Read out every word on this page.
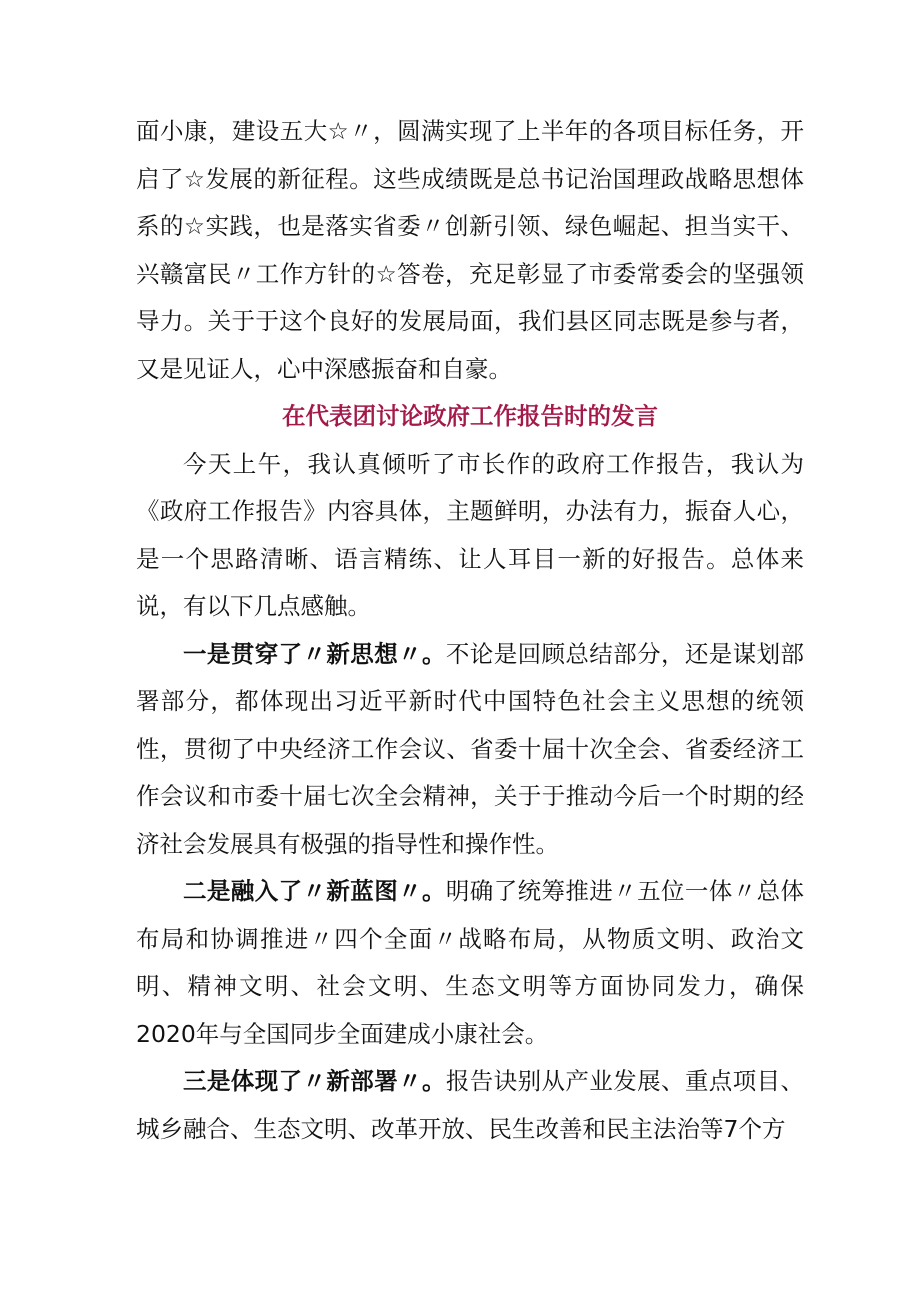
面小康，建设五大☆〃，圆满实现了上半年的各项目标任务，开启了☆发展的新征程。这些成绩既是总书记治国理政战略思想体系的☆实践，也是落实省委〃创新引领、绿色崛起、担当实干、兴赣富民〃工作方针的☆答卷，充足彰显了市委常委会的坚强领导力。关于于这个良好的发展局面，我们县区同志既是参与者，又是见证人，心中深感振奋和自豪。

在代表团讨论政府工作报告时的发言

今天上午，我认真倾听了市长作的政府工作报告，我认为《政府工作报告》内容具体，主题鲜明，办法有力，振奋人心，是一个思路清晰、语言精练、让人耳目一新的好报告。总体来说，有以下几点感触。

一是贯穿了〃新思想〃。不论是回顾总结部分，还是谋划部署部分，都体现出习近平新时代中国特色社会主义思想的统领性，贯彻了中央经济工作会议、省委十届十次全会、省委经济工作会议和市委十届七次全会精神，关于于推动今后一个时期的经济社会发展具有极强的指导性和操作性。

二是融入了〃新蓝图〃。明确了统筹推进〃五位一体〃总体布局和协调推进〃四个全面〃战略布局，从物质文明、政治文明、精神文明、社会文明、生态文明等方面协同发力，确保2020年与全国同步全面建成小康社会。

三是体现了〃新部署〃。报告诀别从产业发展、重点项目、城乡融合、生态文明、改革开放、民生改善和民主法治等7个方
